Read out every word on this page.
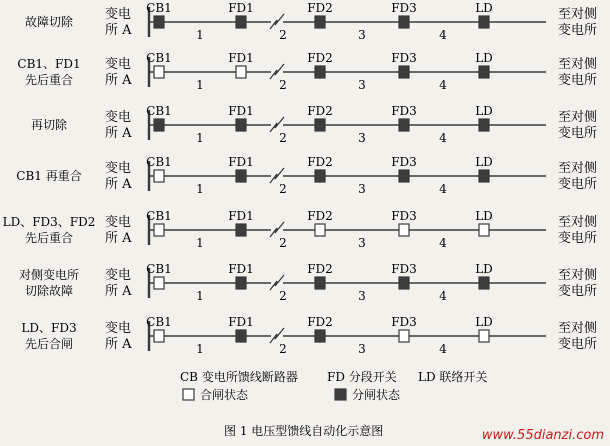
故障切除 变电
所 A
至对侧
变电所
CB1	FD1	FD2	FD3	LD
1	2	3	4
CB1、FD1
先后重合
变电
所 A
至对侧
变电所
CB1	FD1	FD2	FD3	LD
1	2	3	4
再切除	变电
所 A
至对侧
变电所
CB1	FD1	FD2	FD3	LD
1	2	3	4
CB1 再重合 变电
所 A
至对侧
变电所
CB1	FD1	FD2	FD3	LD
1	2	3	4
LD、FD3、FD2
先后重合
变电
所 A
至对侧
变电所
CB1	FD1	FD2	FD3	LD
1	2	3	4
对侧变电所
切除故障
变电
所 A
至对侧
变电所
CB1	FD1	FD2	FD3	LD
1	2	3	4
LD、FD3
先后合闸
变电
所 A
至对侧
变电所
CB1	FD1	FD2	FD3	LD
1	2	3	4
CB 变电所馈线断路器 FD 分段开关 LD 联络开关
合闸状态	分闸状态
图 1 电压型馈线自动化示意图	www.55dianzi.com
